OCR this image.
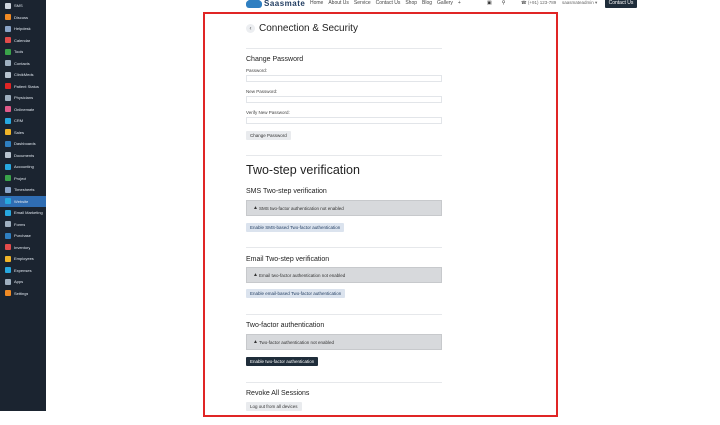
SMS
Discuss
Helpdesk
Calendar
Tools
Contacts
ClinikMeds
Patient Status
Physicians
Onlinemate
CRM
Sales
Dashboards
Documents
Accounting
Project
Timesheets
Website
Email Marketing
Forms
Purchase
Inventory
Employees
Expenses
Apps
Settings
Saasmate Home About Us Service Contact Us Shop Blog Gallery +	▣ ⚲	☎ (+91) 123-789 saasmateadmin ▾	Contact Us
‹ Connection & Security
Change Password
Password:
New Password:
Verify New Password:
Change Password
Two-step verification
SMS Two-step verification
▲ SMS two-factor authentication not enabled
Enable SMS-based Two-factor authentication
Email Two-step verification
▲ Email two-factor authentication not enabled
Enable email-based Two-factor authentication
Two-factor authentication
▲ Two-factor authentication not enabled
Enable two-factor authentication
Revoke All Sessions
Log out from all devices
